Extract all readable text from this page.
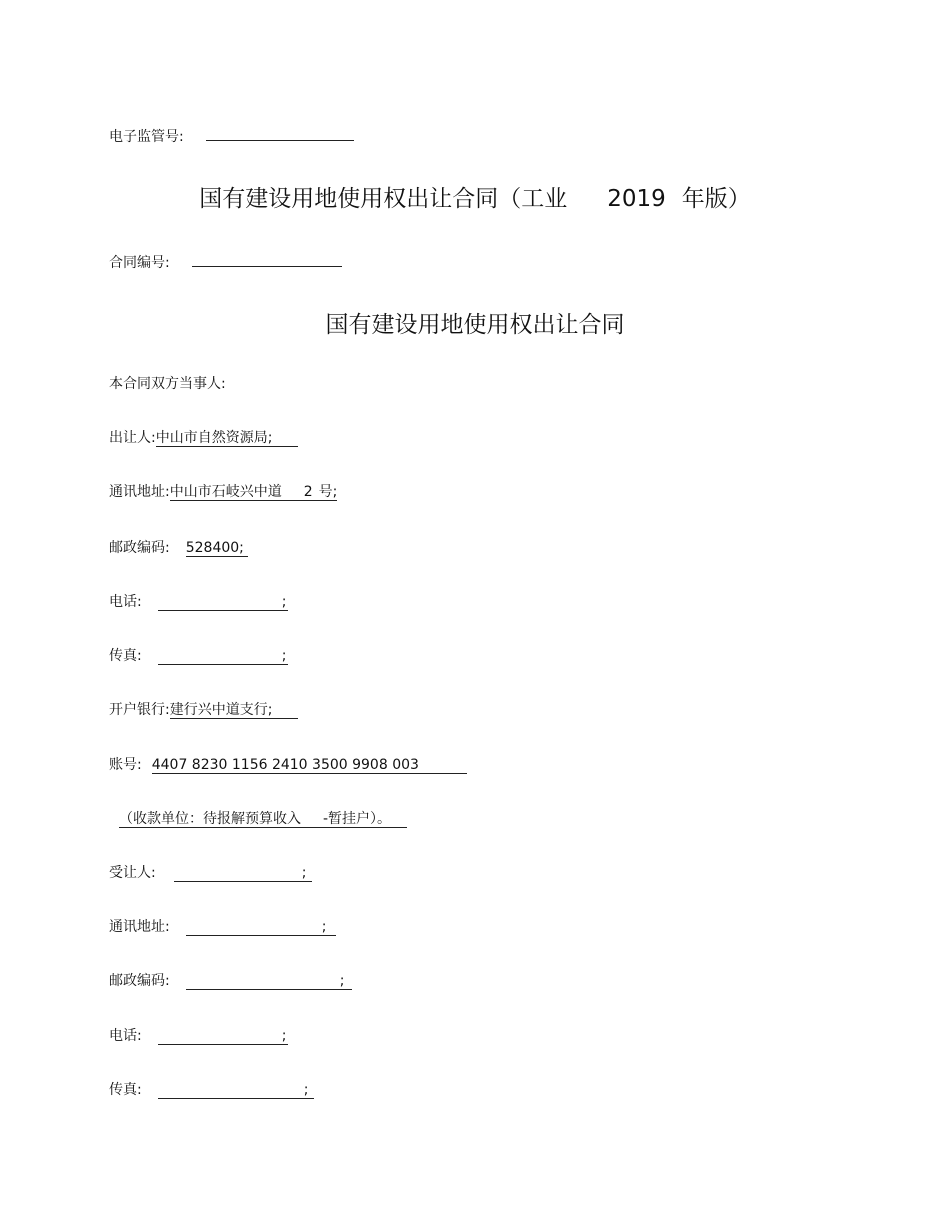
电子监管号:
国有建设用地使用权出让合同（工业 2019 年版）
合同编号:
国有建设用地使用权出让合同
本合同双方当事人:
出让人:中山市自然资源局;
通讯地址:中山市石岐兴中道 2 号;
邮政编码: 528400;
电话:	;
传真:	;
开户银行:建行兴中道支行;
账号: 4407 8230 1156 2410 3500 9908 003
（收款单位：待报解预算收入 -暂挂户）。
受让人:	;
通讯地址:	;
邮政编码:	;
电话:	;
传真:	;
